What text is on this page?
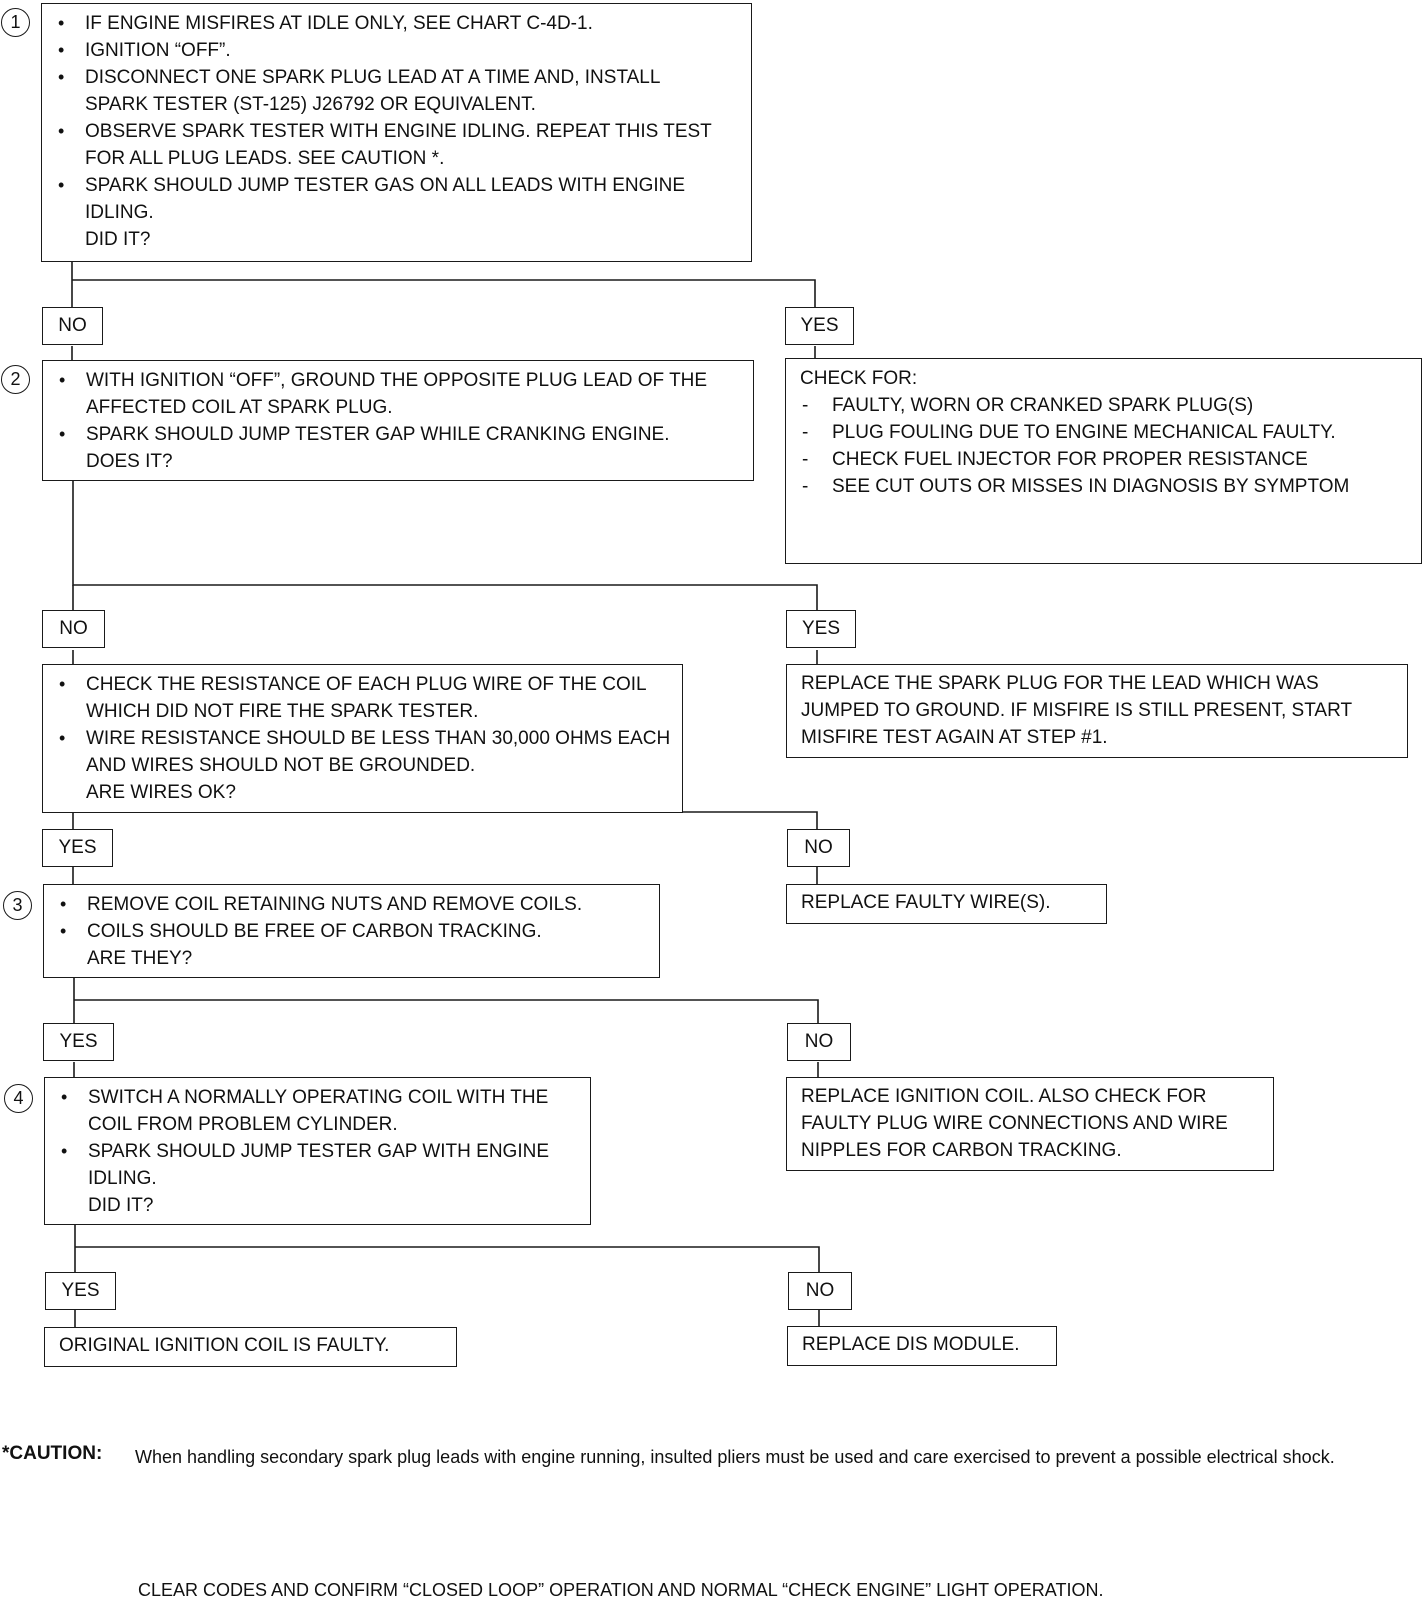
1
2
3
4
• IF ENGINE MISFIRES AT IDLE ONLY, SEE CHART C-4D-1.
• IGNITION “OFF”.
• DISCONNECT ONE SPARK PLUG LEAD AT A TIME AND, INSTALL SPARK TESTER (ST-125) J26792 OR EQUIVALENT.
• OBSERVE SPARK TESTER WITH ENGINE IDLING. REPEAT THIS TEST FOR ALL PLUG LEADS. SEE CAUTION *.
• SPARK SHOULD JUMP TESTER GAS ON ALL LEADS WITH ENGINE IDLING.
DID IT?
NO	YES
• WITH IGNITION “OFF”, GROUND THE OPPOSITE PLUG LEAD OF THE AFFECTED COIL AT SPARK PLUG.
• SPARK SHOULD JUMP TESTER GAP WHILE CRANKING ENGINE.
DOES IT?
CHECK FOR:
- FAULTY, WORN OR CRANKED SPARK PLUG(S)
- PLUG FOULING DUE TO ENGINE MECHANICAL FAULTY.
- CHECK FUEL INJECTOR FOR PROPER RESISTANCE
- SEE CUT OUTS OR MISSES IN DIAGNOSIS BY SYMPTOM
NO	YES
• CHECK THE RESISTANCE OF EACH PLUG WIRE OF THE COIL WHICH DID NOT FIRE THE SPARK TESTER.
• WIRE RESISTANCE SHOULD BE LESS THAN 30,000 OHMS EACH AND WIRES SHOULD NOT BE GROUNDED.
ARE WIRES OK?
REPLACE THE SPARK PLUG FOR THE LEAD WHICH WAS JUMPED TO GROUND. IF MISFIRE IS STILL PRESENT, START MISFIRE TEST AGAIN AT STEP #1.
YES	NO
• REMOVE COIL RETAINING NUTS AND REMOVE COILS.
• COILS SHOULD BE FREE OF CARBON TRACKING.
ARE THEY?
REPLACE FAULTY WIRE(S).
YES	NO
• SWITCH A NORMALLY OPERATING COIL WITH THE COIL FROM PROBLEM CYLINDER.
• SPARK SHOULD JUMP TESTER GAP WITH ENGINE IDLING.
DID IT?
REPLACE IGNITION COIL. ALSO CHECK FOR FAULTY PLUG WIRE CONNECTIONS AND WIRE NIPPLES FOR CARBON TRACKING.
YES	NO
ORIGINAL IGNITION COIL IS FAULTY.	REPLACE DIS MODULE.
*CAUTION: When handling secondary spark plug leads with engine running, insulted pliers must be used and care exercised to prevent a possible electrical shock.
CLEAR CODES AND CONFIRM “CLOSED LOOP” OPERATION AND NORMAL “CHECK ENGINE” LIGHT OPERATION.
